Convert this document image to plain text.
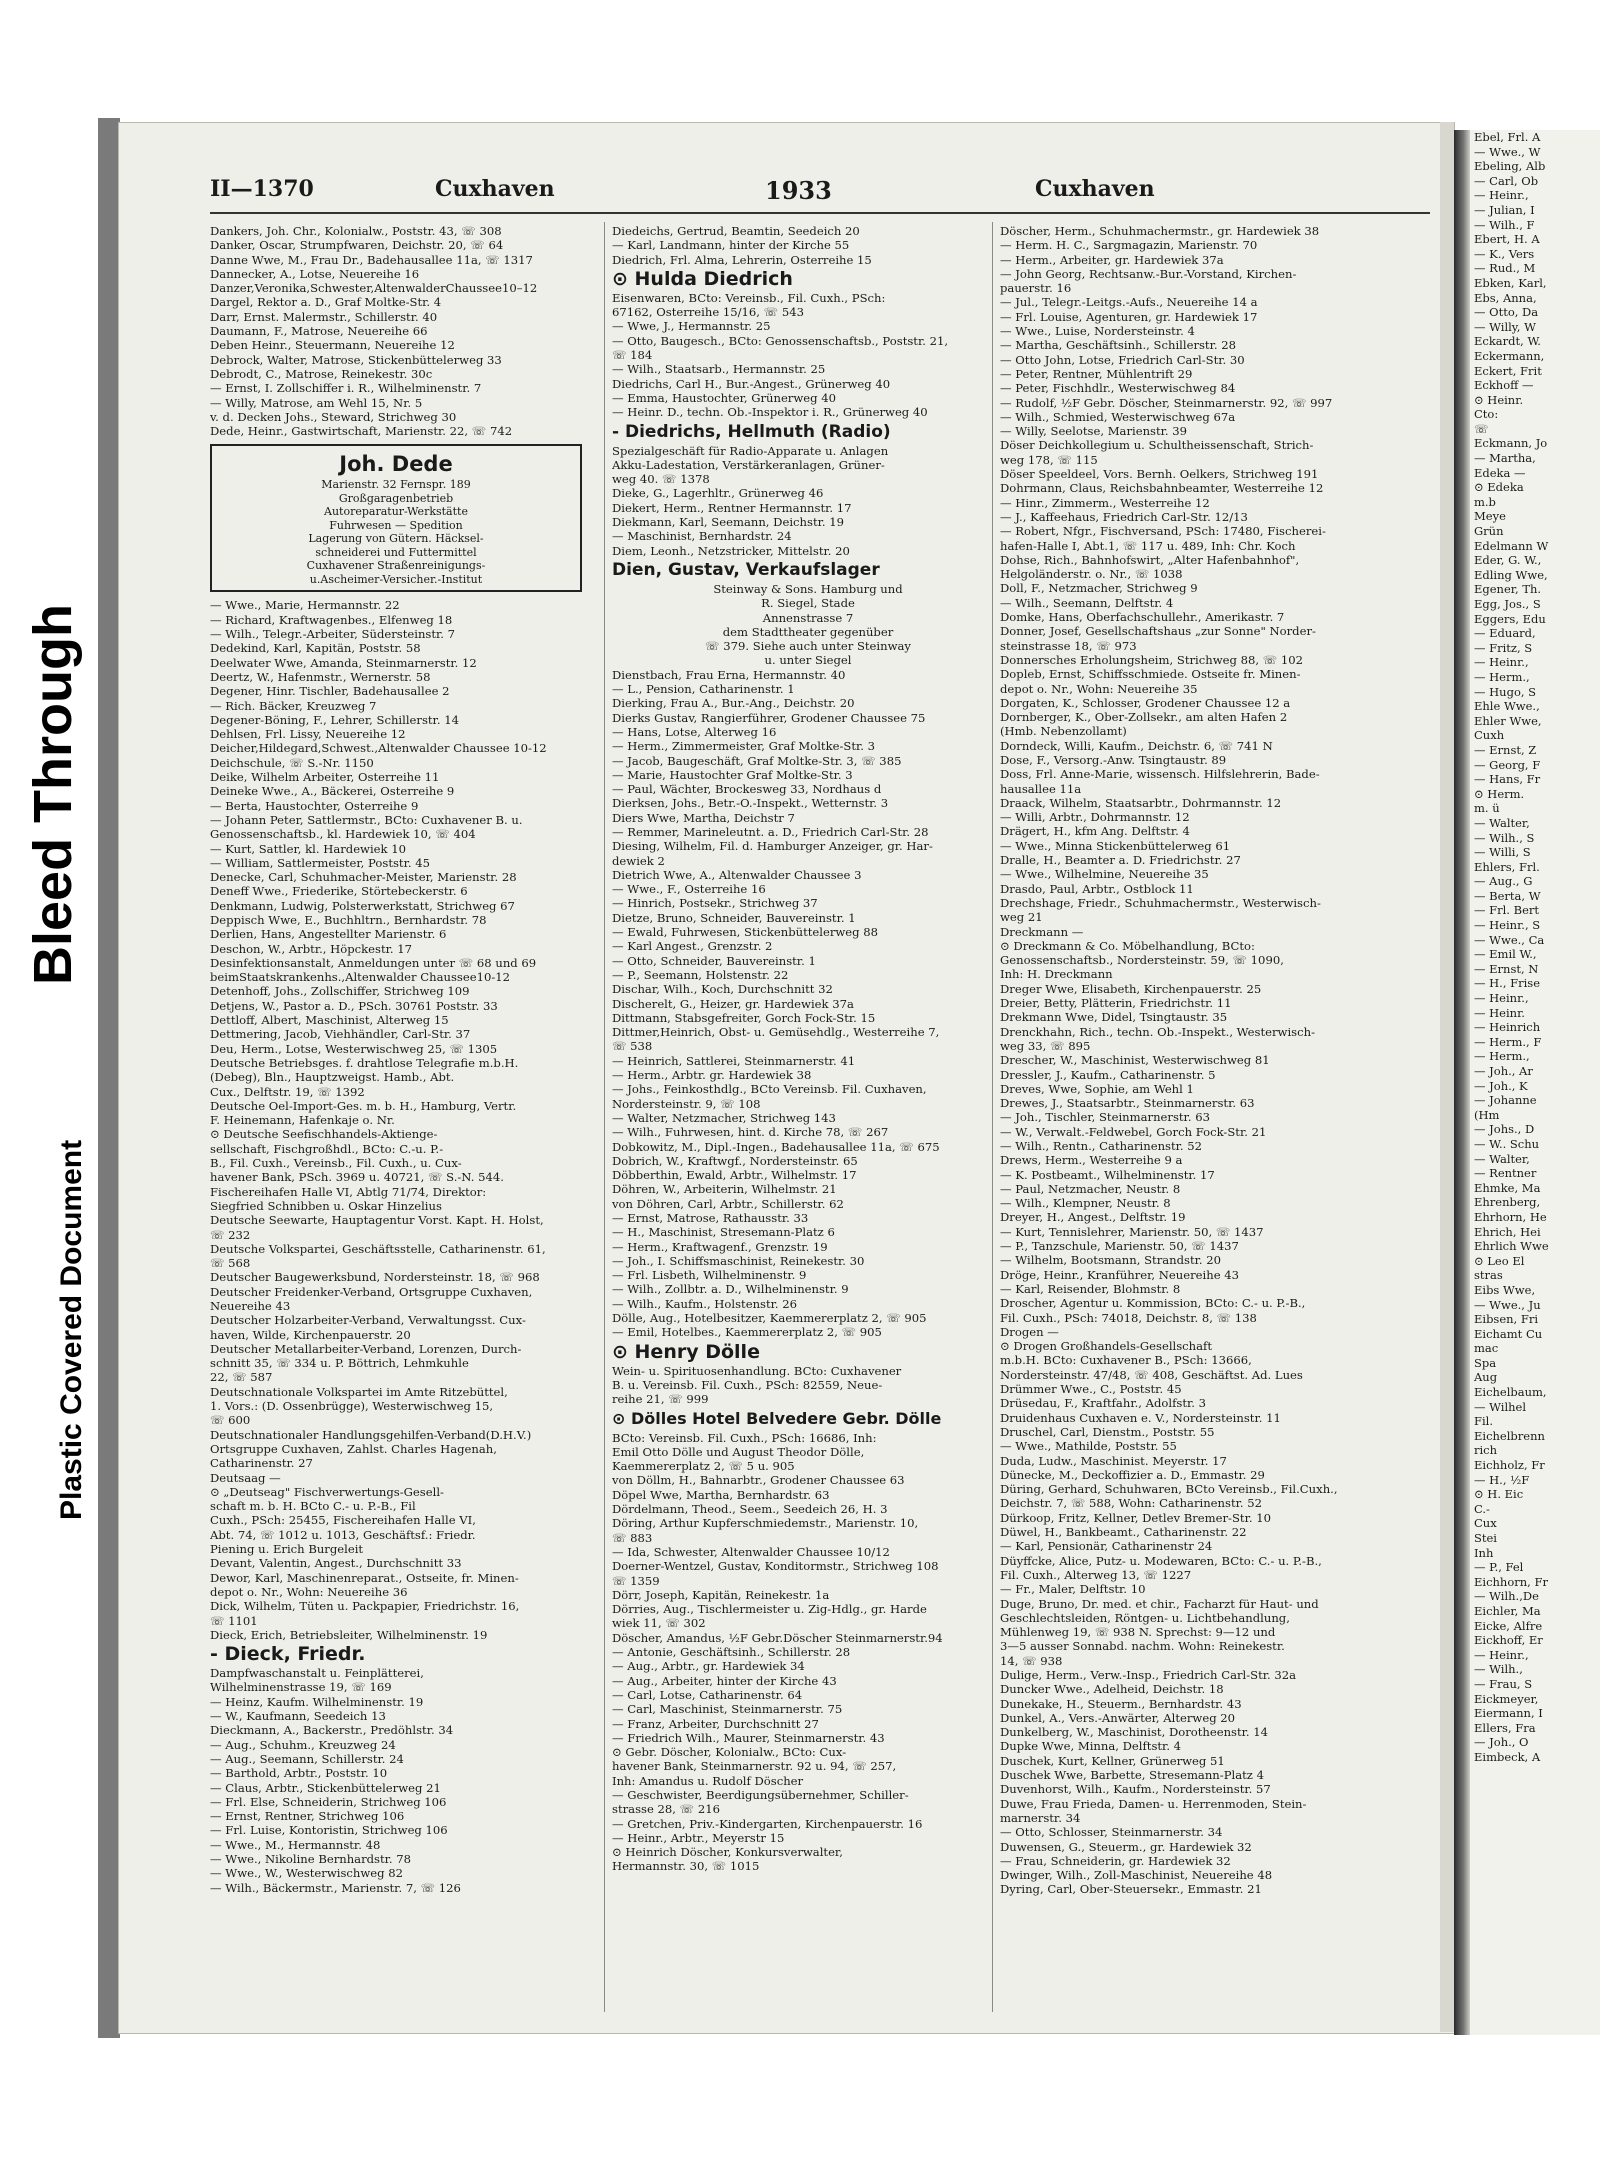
Bleed Through
Plastic Covered Document
Ebel, Frl. A
— Wwe., W
Ebeling, Alb
— Carl, Ob
— Heinr.,
— Julian, I
— Wilh., F
Ebert, H. A
— K., Vers
— Rud., M
Ebken, Karl,
Ebs, Anna,
— Otto, Da
— Willy, W
Eckardt, W.
Eckermann,
Eckert, Frit
Eckhoff —
⊙ Heinr.
Cto:
☏
Eckmann, Jo
— Martha,
Edeka —
⊙ Edeka
m.b
Meye
Grün
Edelmann W
Eder, G. W.,
Edling Wwe,
Egener, Th.
Egg, Jos., S
Eggers, Edu
— Eduard,
— Fritz, S
— Heinr.,
— Herm.,
— Hugo, S
Ehle Wwe.,
Ehler Wwe,
Cuxh
— Ernst, Z
— Georg, F
— Hans, Fr
⊙ Herm.
m. ü
— Walter,
— Wilh., S
— Willi, S
Ehlers, Frl.
— Aug., G
— Berta, W
— Frl. Bert
— Heinr., S
— Wwe., Ca
— Emil W.,
— Ernst, N
— H., Frise
— Heinr.,
— Heinr.
— Heinrich
— Herm., F
— Herm.,
— Joh., Ar
— Joh., K
— Johanne
(Hm
— Johs., D
— W.. Schu
— Walter,
— Rentner
Ehmke, Ma
Ehrenberg,
Ehrhorn, He
Ehrich, Hei
Ehrlich Wwe
⊙ Leo El
stras
Eibs Wwe,
— Wwe., Ju
Eibsen, Fri
Eichamt Cu
mac
Spa
Aug
Eichelbaum,
— Wilhel
Fil.
Eichelbrenn
rich
Eichholz, Fr
— H., ½F
⊙ H. Eic
C.-
Cux
Stei
Inh
— P., Fel
Eichhorn, Fr
— Wilh.,De
Eichler, Ma
Eicke, Alfre
Eickhoff, Er
— Heinr.,
— Wilh.,
— Frau, S
Eickmeyer,
Eiermann, I
Ellers, Fra
— Joh., O
Eimbeck, A
II—1370	Cuxhaven	1933	Cuxhaven
Dankers, Joh. Chr., Kolonialw., Poststr. 43, ☏ 308
Danker, Oscar, Strumpfwaren, Deichstr. 20, ☏ 64
Danne Wwe, M., Frau Dr., Badehausallee 11a, ☏ 1317
Dannecker, A., Lotse, Neuereihe 16
Danzer,Veronika,Schwester,AltenwalderChaussee10–12
Dargel, Rektor a. D., Graf Moltke-Str. 4
Darr, Ernst. Malermstr., Schillerstr. 40
Daumann, F., Matrose, Neuereihe 66
Deben Heinr., Steuermann, Neuereihe 12
Debrock, Walter, Matrose, Stickenbüttelerweg 33
Debrodt, C., Matrose, Reinekestr. 30c
— Ernst, I. Zollschiffer i. R., Wilhelminenstr. 7
— Willy, Matrose, am Wehl 15, Nr. 5
v. d. Decken Johs., Steward, Strichweg 30
Dede, Heinr., Gastwirtschaft, Marienstr. 22, ☏ 742
Joh. Dede
Marienstr. 32 Fernspr. 189
Großgaragenbetrieb
Autoreparatur-Werkstätte
Fuhrwesen — Spedition
Lagerung von Gütern. Häcksel-
schneiderei und Futtermittel
Cuxhavener Straßenreinigungs-
u.Ascheimer-Versicher.-Institut
— Wwe., Marie, Hermannstr. 22
— Richard, Kraftwagenbes., Elfenweg 18
— Wilh., Telegr.-Arbeiter, Südersteinstr. 7
Dedekind, Karl, Kapitän, Poststr. 58
Deelwater Wwe, Amanda, Steinmarnerstr. 12
Deertz, W., Hafenmstr., Wernerstr. 58
Degener, Hinr. Tischler, Badehausallee 2
— Rich. Bäcker, Kreuzweg 7
Degener-Böning, F., Lehrer, Schillerstr. 14
Dehlsen, Frl. Lissy, Neuereihe 12
Deicher,Hildegard,Schwest.,Altenwalder Chaussee 10-12
Deichschule, ☏ S.-Nr. 1150
Deike, Wilhelm Arbeiter, Osterreihe 11
Deineke Wwe., A., Bäckerei, Osterreihe 9
— Berta, Haustochter, Osterreihe 9
— Johann Peter, Sattlermstr., BCto: Cuxhavener B. u.
Genossenschaftsb., kl. Hardewiek 10, ☏ 404
— Kurt, Sattler, kl. Hardewiek 10
— William, Sattlermeister, Poststr. 45
Denecke, Carl, Schuhmacher-Meister, Marienstr. 28
Deneff Wwe., Friederike, Störtebeckerstr. 6
Denkmann, Ludwig, Polsterwerkstatt, Strichweg 67
Deppisch Wwe, E., Buchhltrn., Bernhardstr. 78
Derlien, Hans, Angestellter Marienstr. 6
Deschon, W., Arbtr., Höpckestr. 17
Desinfektionsanstalt, Anmeldungen unter ☏ 68 und 69
beimStaatskrankenhs.,Altenwalder Chaussee10-12
Detenhoff, Johs., Zollschiffer, Strichweg 109
Detjens, W., Pastor a. D., PSch. 30761 Poststr. 33
Dettloff, Albert, Maschinist, Alterweg 15
Dettmering, Jacob, Viehhändler, Carl-Str. 37
Deu, Herm., Lotse, Westerwischweg 25, ☏ 1305
Deutsche Betriebsges. f. drahtlose Telegrafie m.b.H.
(Debeg), Bln., Hauptzweigst. Hamb., Abt.
Cux., Delftstr. 19, ☏ 1392
Deutsche Oel-Import-Ges. m. b. H., Hamburg, Vertr.
F. Heinemann, Hafenkaje o. Nr.
⊙ Deutsche Seefischhandels-Aktienge-
sellschaft, Fischgroßhdl., BCto: C.-u. P.-
B., Fil. Cuxh., Vereinsb., Fil. Cuxh., u. Cux-
havener Bank, PSch. 3969 u. 40721, ☏ S.-N. 544.
Fischereihafen Halle VI, Abtlg 71/74, Direktor:
Siegfried Schnibben u. Oskar Hinzelius
Deutsche Seewarte, Hauptagentur Vorst. Kapt. H. Holst,
☏ 232
Deutsche Volkspartei, Geschäftsstelle, Catharinenstr. 61,
☏ 568
Deutscher Baugewerksbund, Nordersteinstr. 18, ☏ 968
Deutscher Freidenker-Verband, Ortsgruppe Cuxhaven,
Neuereihe 43
Deutscher Holzarbeiter-Verband, Verwaltungsst. Cux-
haven, Wilde, Kirchenpauerstr. 20
Deutscher Metallarbeiter-Verband, Lorenzen, Durch-
schnitt 35, ☏ 334 u. P. Böttrich, Lehmkuhle
22, ☏ 587
Deutschnationale Volkspartei im Amte Ritzebüttel,
1. Vors.: (D. Ossenbrügge), Westerwischweg 15,
☏ 600
Deutschnationaler Handlungsgehilfen-Verband(D.H.V.)
Ortsgruppe Cuxhaven, Zahlst. Charles Hagenah,
Catharinenstr. 27
Deutsaag —
⊙ „Deutseag" Fischverwertungs-Gesell-
schaft m. b. H. BCto C.- u. P.-B., Fil
Cuxh., PSch: 25455, Fischereihafen Halle VI,
Abt. 74, ☏ 1012 u. 1013, Geschäftsf.: Friedr.
Piening u. Erich Burgeleit
Devant, Valentin, Angest., Durchschnitt 33
Dewor, Karl, Maschinenreparat., Ostseite, fr. Minen-
depot o. Nr., Wohn: Neuereihe 36
Dick, Wilhelm, Tüten u. Packpapier, Friedrichstr. 16,
☏ 1101
Dieck, Erich, Betriebsleiter, Wilhelminenstr. 19
- Dieck, Friedr.
Dampfwaschanstalt u. Feinplätterei,
Wilhelminenstrasse 19, ☏ 169
— Heinz, Kaufm. Wilhelminenstr. 19
— W., Kaufmann, Seedeich 13
Dieckmann, A., Backerstr., Predöhlstr. 34
— Aug., Schuhm., Kreuzweg 24
— Aug., Seemann, Schillerstr. 24
— Barthold, Arbtr., Poststr. 10
— Claus, Arbtr., Stickenbüttelerweg 21
— Frl. Else, Schneiderin, Strichweg 106
— Ernst, Rentner, Strichweg 106
— Frl. Luise, Kontoristin, Strichweg 106
— Wwe., M., Hermannstr. 48
— Wwe., Nikoline Bernhardstr. 78
— Wwe., W., Westerwischweg 82
— Wilh., Bäckermstr., Marienstr. 7, ☏ 126
Diedeichs, Gertrud, Beamtin, Seedeich 20
— Karl, Landmann, hinter der Kirche 55
Diedrich, Frl. Alma, Lehrerin, Osterreihe 15
⊙ Hulda Diedrich
Eisenwaren, BCto: Vereinsb., Fil. Cuxh., PSch:
67162, Osterreihe 15/16, ☏ 543
— Wwe, J., Hermannstr. 25
— Otto, Baugesch., BCto: Genossenschaftsb., Poststr. 21,
☏ 184
— Wilh., Staatsarb., Hermannstr. 25
Diedrichs, Carl H., Bur.-Angest., Grünerweg 40
— Emma, Haustochter, Grünerweg 40
— Heinr. D., techn. Ob.-Inspektor i. R., Grünerweg 40
- Diedrichs, Hellmuth (Radio)
Spezialgeschäft für Radio-Apparate u. Anlagen
Akku-Ladestation, Verstärkeranlagen, Grüner-
weg 40. ☏ 1378
Dieke, G., Lagerhltr., Grünerweg 46
Diekert, Herm., Rentner Hermannstr. 17
Diekmann, Karl, Seemann, Deichstr. 19
— Maschinist, Bernhardstr. 24
Diem, Leonh., Netzstricker, Mittelstr. 20
Dien, Gustav, Verkaufslager
Steinway & Sons. Hamburg und
R. Siegel, Stade
Annenstrasse 7
dem Stadttheater gegenüber
☏ 379. Siehe auch unter Steinway
u. unter Siegel
Dienstbach, Frau Erna, Hermannstr. 40
— L., Pension, Catharinenstr. 1
Dierking, Frau A., Bur.-Ang., Deichstr. 20
Dierks Gustav, Rangierführer, Grodener Chaussee 75
— Hans, Lotse, Alterweg 16
— Herm., Zimmermeister, Graf Moltke-Str. 3
— Jacob, Baugeschäft, Graf Moltke-Str. 3, ☏ 385
— Marie, Haustochter Graf Moltke-Str. 3
— Paul, Wächter, Brockesweg 33, Nordhaus d
Dierksen, Johs., Betr.-O.-Inspekt., Wetternstr. 3
Diers Wwe, Martha, Deichstr 7
— Remmer, Marineleutnt. a. D., Friedrich Carl-Str. 28
Diesing, Wilhelm, Fil. d. Hamburger Anzeiger, gr. Har-
dewiek 2
Dietrich Wwe, A., Altenwalder Chaussee 3
— Wwe., F., Osterreihe 16
— Hinrich, Postsekr., Strichweg 37
Dietze, Bruno, Schneider, Bauvereinstr. 1
— Ewald, Fuhrwesen, Stickenbüttelerweg 88
— Karl Angest., Grenzstr. 2
— Otto, Schneider, Bauvereinstr. 1
— P., Seemann, Holstenstr. 22
Dischar, Wilh., Koch, Durchschnitt 32
Discherelt, G., Heizer, gr. Hardewiek 37a
Dittmann, Stabsgefreiter, Gorch Fock-Str. 15
Dittmer,Heinrich, Obst- u. Gemüsehdlg., Westerreihe 7,
☏ 538
— Heinrich, Sattlerei, Steinmarnerstr. 41
— Herm., Arbtr. gr. Hardewiek 38
— Johs., Feinkosthdlg., BCto Vereinsb. Fil. Cuxhaven,
Nordersteinstr. 9, ☏ 108
— Walter, Netzmacher, Strichweg 143
— Wilh., Fuhrwesen, hint. d. Kirche 78, ☏ 267
Dobkowitz, M., Dipl.-Ingen., Badehausallee 11a, ☏ 675
Dobrich, W., Kraftwgf., Nordersteinstr. 65
Döbberthin, Ewald, Arbtr., Wilhelmstr. 17
Döhren, W., Arbeiterin, Wilhelmstr. 21
von Döhren, Carl, Arbtr., Schillerstr. 62
— Ernst, Matrose, Rathausstr. 33
— H., Maschinist, Stresemann-Platz 6
— Herm., Kraftwagenf., Grenzstr. 19
— Joh., I. Schiffsmaschinist, Reinekestr. 30
— Frl. Lisbeth, Wilhelminenstr. 9
— Wilh., Zollbtr. a. D., Wilhelminenstr. 9
— Wilh., Kaufm., Holstenstr. 26
Dölle, Aug., Hotelbesitzer, Kaemmererplatz 2, ☏ 905
— Emil, Hotelbes., Kaemmererplatz 2, ☏ 905
⊙ Henry Dölle
Wein- u. Spirituosenhandlung. BCto: Cuxhavener
B. u. Vereinsb. Fil. Cuxh., PSch: 82559, Neue-
reihe 21, ☏ 999
⊙ Dölles Hotel Belvedere Gebr. Dölle
BCto: Vereinsb. Fil. Cuxh., PSch: 16686, Inh:
Emil Otto Dölle und August Theodor Dölle,
Kaemmererplatz 2, ☏ 5 u. 905
von Döllm, H., Bahnarbtr., Grodener Chaussee 63
Döpel Wwe, Martha, Bernhardstr. 63
Dördelmann, Theod., Seem., Seedeich 26, H. 3
Döring, Arthur Kupferschmiedemstr., Marienstr. 10,
☏ 883
— Ida, Schwester, Altenwalder Chaussee 10/12
Doerner-Wentzel, Gustav, Konditormstr., Strichweg 108
☏ 1359
Dörr, Joseph, Kapitän, Reinekestr. 1a
Dörries, Aug., Tischlermeister u. Zig-Hdlg., gr. Harde
wiek 11, ☏ 302
Döscher, Amandus, ½F Gebr.Döscher Steinmarnerstr.94
— Antonie, Geschäftsinh., Schillerstr. 28
— Aug., Arbtr., gr. Hardewiek 34
— Aug., Arbeiter, hinter der Kirche 43
— Carl, Lotse, Catharinenstr. 64
— Carl, Maschinist, Steinmarnerstr. 75
— Franz, Arbeiter, Durchschnitt 27
— Friedrich Wilh., Maurer, Steinmarnerstr. 43
⊙ Gebr. Döscher, Kolonialw., BCto: Cux-
havener Bank, Steinmarnerstr. 92 u. 94, ☏ 257,
Inh: Amandus u. Rudolf Döscher
— Geschwister, Beerdigungsübernehmer, Schiller-
strasse 28, ☏ 216
— Gretchen, Priv.-Kindergarten, Kirchenpauerstr. 16
— Heinr., Arbtr., Meyerstr 15
⊙ Heinrich Döscher, Konkursverwalter,
Hermannstr. 30, ☏ 1015
Döscher, Herm., Schuhmachermstr., gr. Hardewiek 38
— Herm. H. C., Sargmagazin, Marienstr. 70
— Herm., Arbeiter, gr. Hardewiek 37a
— John Georg, Rechtsanw.-Bur.-Vorstand, Kirchen-
pauerstr. 16
— Jul., Telegr.-Leitgs.-Aufs., Neuereihe 14 a
— Frl. Louise, Agenturen, gr. Hardewiek 17
— Wwe., Luise, Nordersteinstr. 4
— Martha, Geschäftsinh., Schillerstr. 28
— Otto John, Lotse, Friedrich Carl-Str. 30
— Peter, Rentner, Mühlentrift 29
— Peter, Fischhdlr., Westerwischweg 84
— Rudolf, ½F Gebr. Döscher, Steinmarnerstr. 92, ☏ 997
— Wilh., Schmied, Westerwischweg 67a
— Willy, Seelotse, Marienstr. 39
Döser Deichkollegium u. Schultheissenschaft, Strich-
weg 178, ☏ 115
Döser Speeldeel, Vors. Bernh. Oelkers, Strichweg 191
Dohrmann, Claus, Reichsbahnbeamter, Westerreihe 12
— Hinr., Zimmerm., Westerreihe 12
— J., Kaffeehaus, Friedrich Carl-Str. 12/13
— Robert, Nfgr., Fischversand, PSch: 17480, Fischerei-
hafen-Halle I, Abt.1, ☏ 117 u. 489, Inh: Chr. Koch
Dohse, Rich., Bahnhofswirt, „Alter Hafenbahnhof",
Helgoländerstr. o. Nr., ☏ 1038
Doll, F., Netzmacher, Strichweg 9
— Wilh., Seemann, Delftstr. 4
Domke, Hans, Oberfachschullehr., Amerikastr. 7
Donner, Josef, Gesellschaftshaus „zur Sonne" Norder-
steinstrasse 18, ☏ 973
Donnersches Erholungsheim, Strichweg 88, ☏ 102
Dopleb, Ernst, Schiffsschmiede. Ostseite fr. Minen-
depot o. Nr., Wohn: Neuereihe 35
Dorgaten, K., Schlosser, Grodener Chaussee 12 a
Dornberger, K., Ober-Zollsekr., am alten Hafen 2
(Hmb. Nebenzollamt)
Dorndeck, Willi, Kaufm., Deichstr. 6, ☏ 741 N
Dose, F., Versorg.-Anw. Tsingtaustr. 89
Doss, Frl. Anne-Marie, wissensch. Hilfslehrerin, Bade-
hausallee 11a
Draack, Wilhelm, Staatsarbtr., Dohrmannstr. 12
— Willi, Arbtr., Dohrmannstr. 12
Drägert, H., kfm Ang. Delftstr. 4
— Wwe., Minna Stickenbüttelerweg 61
Dralle, H., Beamter a. D. Friedrichstr. 27
— Wwe., Wilhelmine, Neuereihe 35
Drasdo, Paul, Arbtr., Ostblock 11
Drechshage, Friedr., Schuhmachermstr., Westerwisch-
weg 21
Dreckmann —
⊙ Dreckmann & Co. Möbelhandlung, BCto:
Genossenschaftsb., Nordersteinstr. 59, ☏ 1090,
Inh: H. Dreckmann
Dreger Wwe, Elisabeth, Kirchenpauerstr. 25
Dreier, Betty, Plätterin, Friedrichstr. 11
Drekmann Wwe, Didel, Tsingtaustr. 35
Drenckhahn, Rich., techn. Ob.-Inspekt., Westerwisch-
weg 33, ☏ 895
Drescher, W., Maschinist, Westerwischweg 81
Dressler, J., Kaufm., Catharinenstr. 5
Dreves, Wwe, Sophie, am Wehl 1
Drewes, J., Staatsarbtr., Steinmarnerstr. 63
— Joh., Tischler, Steinmarnerstr. 63
— W., Verwalt.-Feldwebel, Gorch Fock-Str. 21
— Wilh., Rentn., Catharinenstr. 52
Drews, Herm., Westerreihe 9 a
— K. Postbeamt., Wilhelminenstr. 17
— Paul, Netzmacher, Neustr. 8
— Wilh., Klempner, Neustr. 8
Dreyer, H., Angest., Delftstr. 19
— Kurt, Tennislehrer, Marienstr. 50, ☏ 1437
— P., Tanzschule, Marienstr. 50, ☏ 1437
— Wilhelm, Bootsmann, Strandstr. 20
Dröge, Heinr., Kranführer, Neuereihe 43
— Karl, Reisender, Blohmstr. 8
Droscher, Agentur u. Kommission, BCto: C.- u. P.-B.,
Fil. Cuxh., PSch: 74018, Deichstr. 8, ☏ 138
Drogen —
⊙ Drogen Großhandels-Gesellschaft
m.b.H. BCto: Cuxhavener B., PSch: 13666,
Nordersteinstr. 47/48, ☏ 408, Geschäftst. Ad. Lues
Drümmer Wwe., C., Poststr. 45
Drüsedau, F., Kraftfahr., Adolfstr. 3
Druidenhaus Cuxhaven e. V., Nordersteinstr. 11
Druschel, Carl, Dienstm., Poststr. 55
— Wwe., Mathilde, Poststr. 55
Duda, Ludw., Maschinist. Meyerstr. 17
Dünecke, M., Deckoffizier a. D., Emmastr. 29
Düring, Gerhard, Schuhwaren, BCto Vereinsb., Fil.Cuxh.,
Deichstr. 7, ☏ 588, Wohn: Catharinenstr. 52
Dürkoop, Fritz, Kellner, Detlev Bremer-Str. 10
Düwel, H., Bankbeamt., Catharinenstr. 22
— Karl, Pensionär, Catharinenstr 24
Düyffcke, Alice, Putz- u. Modewaren, BCto: C.- u. P.-B.,
Fil. Cuxh., Alterweg 13, ☏ 1227
— Fr., Maler, Delftstr. 10
Duge, Bruno, Dr. med. et chir., Facharzt für Haut- und
Geschlechtsleiden, Röntgen- u. Lichtbehandlung,
Mühlenweg 19, ☏ 938 N. Sprechst: 9—12 und
3—5 ausser Sonnabd. nachm. Wohn: Reinekestr.
14, ☏ 938
Dulige, Herm., Verw.-Insp., Friedrich Carl-Str. 32a
Duncker Wwe., Adelheid, Deichstr. 18
Dunekake, H., Steuerm., Bernhardstr. 43
Dunkel, A., Vers.-Anwärter, Alterweg 20
Dunkelberg, W., Maschinist, Dorotheenstr. 14
Dupke Wwe, Minna, Delftstr. 4
Duschek, Kurt, Kellner, Grünerweg 51
Duschek Wwe, Barbette, Stresemann-Platz 4
Duvenhorst, Wilh., Kaufm., Nordersteinstr. 57
Duwe, Frau Frieda, Damen- u. Herrenmoden, Stein-
marnerstr. 34
— Otto, Schlosser, Steinmarnerstr. 34
Duwensen, G., Steuerm., gr. Hardewiek 32
— Frau, Schneiderin, gr. Hardewiek 32
Dwinger, Wilh., Zoll-Maschinist, Neuereihe 48
Dyring, Carl, Ober-Steuersekr., Emmastr. 21
